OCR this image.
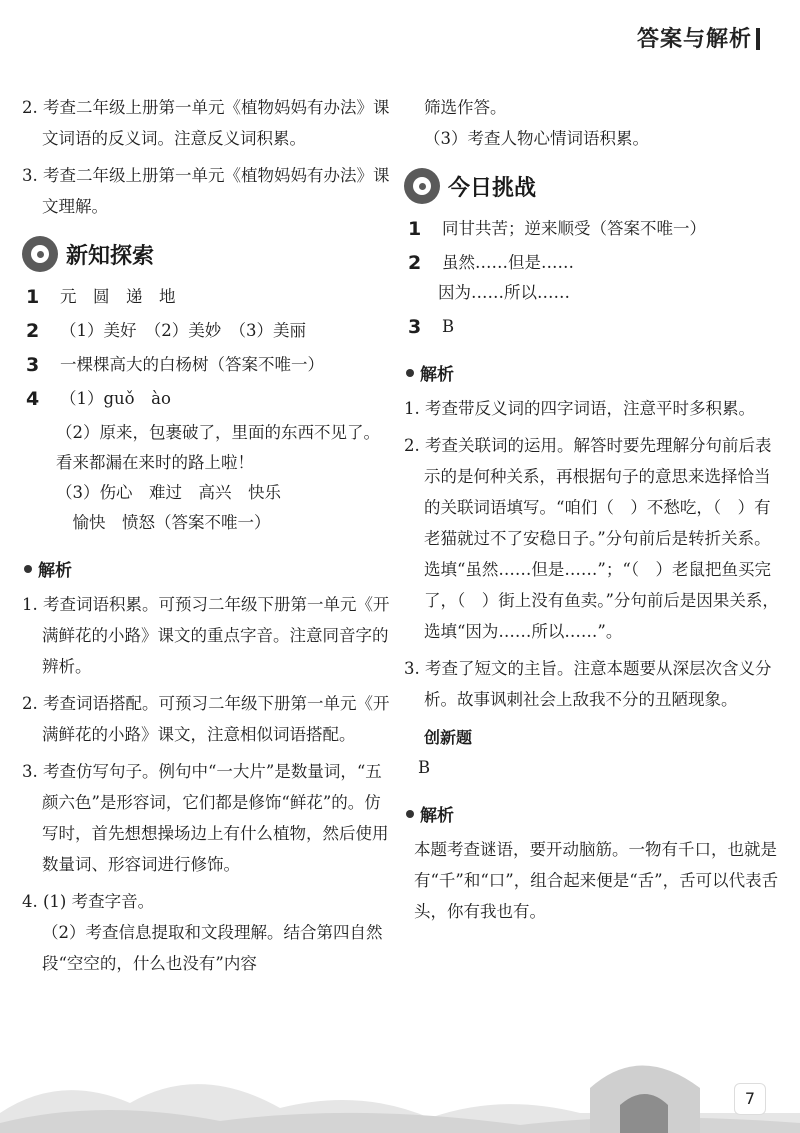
答案与解析

2. 考查二年级上册第一单元《植物妈妈有办法》课文词语的反义词。注意反义词积累。

3. 考查二年级上册第一单元《植物妈妈有办法》课文理解。

新知探索
1	元　圆　递　地
2	（1）美好　（2）美妙　（3）美丽
3	一棵棵高大的白杨树（答案不唯一）
4	（1）guǒ　ào
（2）原来，包裹破了，里面的东西不见了。看来都漏在来时的路上啦！
（3）伤心　难过　高兴　快乐
　愉快　愤怒（答案不唯一）
解析

1. 考查词语积累。可预习二年级下册第一单元《开满鲜花的小路》课文的重点字音。注意同音字的辨析。

2. 考查词语搭配。可预习二年级下册第一单元《开满鲜花的小路》课文，注意相似词语搭配。

3. 考查仿写句子。例句中“一大片”是数量词，“五颜六色”是形容词，它们都是修饰“鲜花”的。仿写时，首先想想操场边上有什么植物，然后使用数量词、形容词进行修饰。

4. (1) 考查字音。

（2）考查信息提取和文段理解。结合第四自然段“空空的，什么也没有”内容

筛选作答。

（3）考查人物心情词语积累。

今日挑战
1	同甘共苦；逆来顺受（答案不唯一）
2	虽然……但是……
因为……所以……
3	B
解析

1. 考查带反义词的四字词语，注意平时多积累。

2. 考查关联词的运用。解答时要先理解分句前后表示的是何种关系，再根据句子的意思来选择恰当的关联词语填写。“咱们（　）不愁吃，（　）有老猫就过不了安稳日子。”分句前后是转折关系。选填“虽然……但是……”；“（　）老鼠把鱼买完了，（　）街上没有鱼卖。”分句前后是因果关系，选填“因为……所以……”。

3. 考查了短文的主旨。注意本题要从深层次含义分析。故事讽刺社会上敌我不分的丑陋现象。

创新题
B
解析

本题考查谜语，要开动脑筋。一物有千口，也就是有“千”和“口”，组合起来便是“舌”，舌可以代表舌头，你有我也有。

7
